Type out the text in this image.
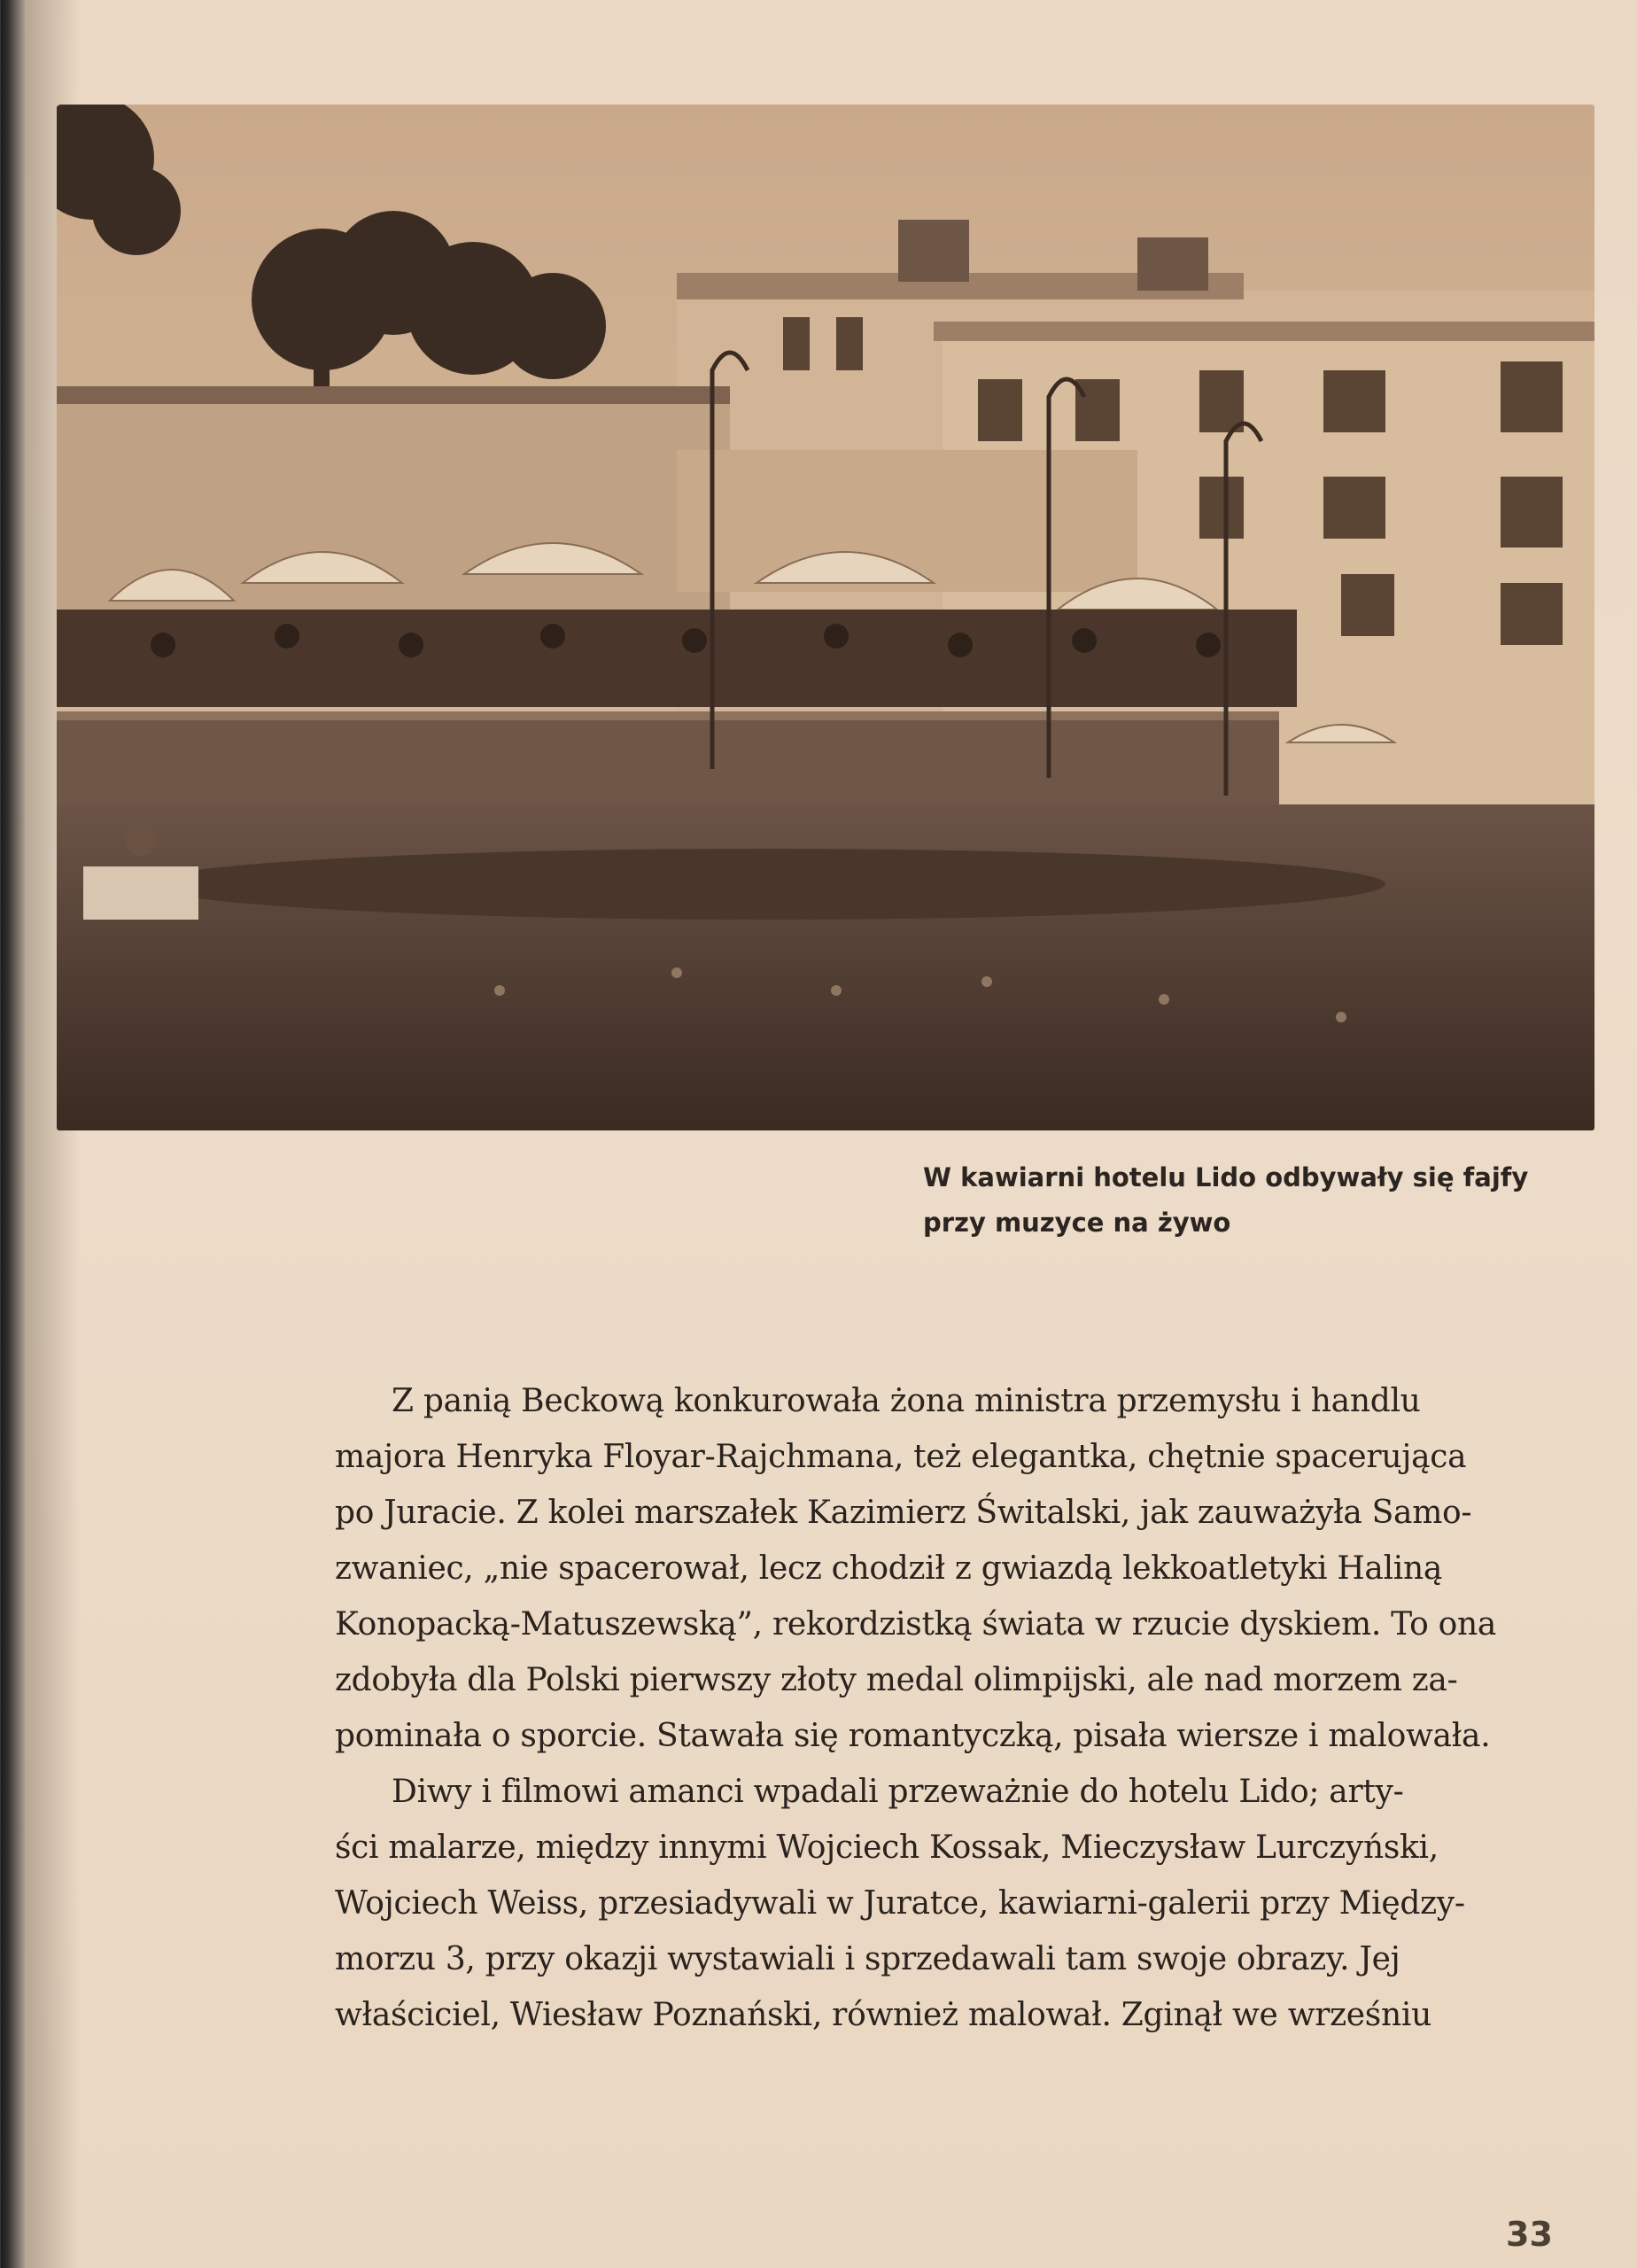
W kawiarni hotelu Lido odbywały się fajfy
przy muzyce na żywo
Z panią Beckową konkurowała żona ministra przemysłu i handlu
majora Henryka Floyar-Rajchmana, też elegantka, chętnie spacerująca
po Juracie. Z kolei marszałek Kazimierz Świtalski, jak zauważyła Samo-
zwaniec, „nie spacerował, lecz chodził z gwiazdą lekkoatletyki Haliną
Konopacką-Matuszewską”, rekordzistką świata w rzucie dyskiem. To ona
zdobyła dla Polski pierwszy złoty medal olimpijski, ale nad morzem za-
pominała o sporcie. Stawała się romantyczką, pisała wiersze i malowała.
Diwy i filmowi amanci wpadali przeważnie do hotelu Lido; arty-
ści malarze, między innymi Wojciech Kossak, Mieczysław Lurczyński,
Wojciech Weiss, przesiadywali w Juratce, kawiarni-galerii przy Między-
morzu 3, przy okazji wystawiali i sprzedawali tam swoje obrazy. Jej
właściciel, Wiesław Poznański, również malował. Zginął we wrześniu
33
